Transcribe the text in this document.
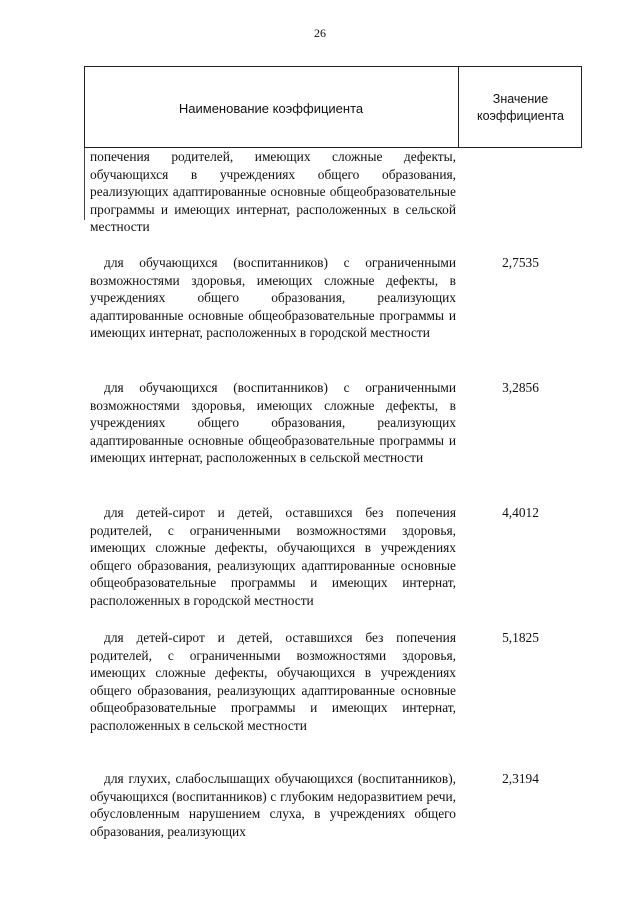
26
Наименование коэффициента
Значение
коэффициента
попечения родителей, имеющих сложные дефекты, обучающихся в учреждениях общего образования, реализующих адаптированные основные общеобразовательные программы и имеющих интернат, расположенных в сельской местности
для обучающихся (воспитанников) с ограниченными возможностями здоровья, имеющих сложные дефекты, в учреждениях общего образования, реализующих адаптированные основные общеобразовательные программы и имеющих интернат, расположенных в городской местности
2,7535
для обучающихся (воспитанников) с ограниченными возможностями здоровья, имеющих сложные дефекты, в учреждениях общего образования, реализующих адаптированные основные общеобразовательные программы и имеющих интернат, расположенных в сельской местности
3,2856
для детей-сирот и детей, оставшихся без попечения родителей, с ограниченными возможностями здоровья, имеющих сложные дефекты, обучающихся в учреждениях общего образования, реализующих адаптированные основные общеобразовательные программы и имеющих интернат, расположенных в городской местности
4,4012
для детей-сирот и детей, оставшихся без попечения родителей, с ограниченными возможностями здоровья, имеющих сложные дефекты, обучающихся в учреждениях общего образования, реализующих адаптированные основные общеобразовательные программы и имеющих интернат, расположенных в сельской местности
5,1825
для глухих, слабослышащих обучающихся (воспитанников), обучающихся (воспитанников) с глубоким недоразвитием речи, обусловленным нарушением слуха, в учреждениях общего образования, реализующих
2,3194
